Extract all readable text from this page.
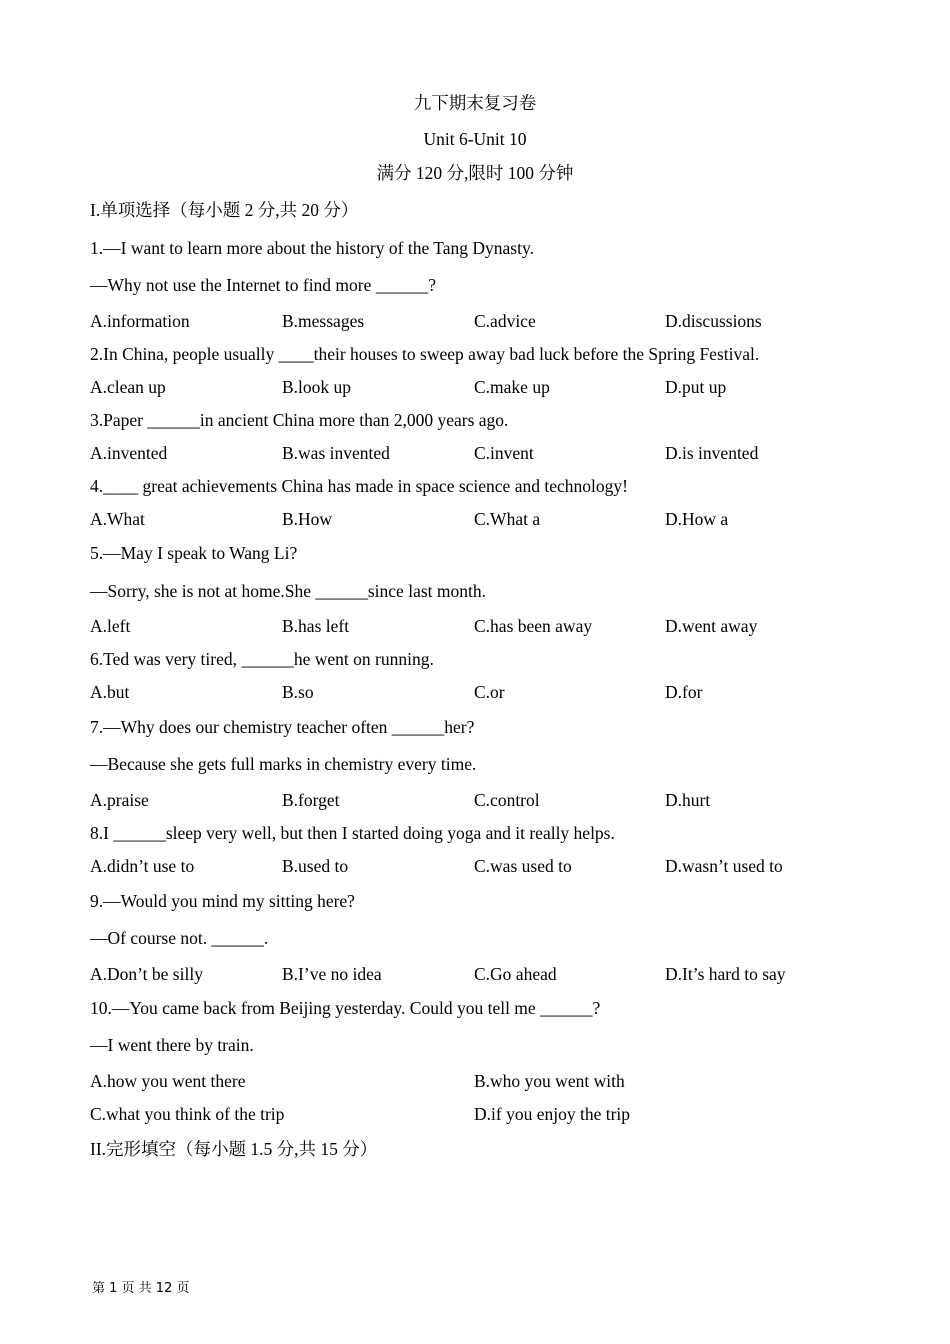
九下期末复习卷
Unit 6-Unit 10
满分 120 分,限时 100 分钟
I.单项选择（每小题 2 分,共 20 分）
1.—I want to learn more about the history of the Tang Dynasty.
—Why not use the Internet to find more ______?
A.information	B.messages	C.advice	D.discussions
2.In China, people usually ____their houses to sweep away bad luck before the Spring Festival.
A.clean up	B.look up	C.make up	D.put up
3.Paper ______in ancient China more than 2,000 years ago.
A.invented	B.was invented	C.invent	D.is invented
4.____ great achievements China has made in space science and technology!
A.What	B.How	C.What a	D.How a
5.—May I speak to Wang Li?
—Sorry, she is not at home.She ______since last month.
A.left	B.has left	C.has been away	D.went away
6.Ted was very tired, ______he went on running.
A.but	B.so	C.or	D.for
7.—Why does our chemistry teacher often ______her?
—Because she gets full marks in chemistry every time.
A.praise	B.forget	C.control	D.hurt
8.I ______sleep very well, but then I started doing yoga and it really helps.
A.didn’t use to	B.used to	C.was used to	D.wasn’t used to
9.—Would you mind my sitting here?
—Of course not. ______.
A.Don’t be silly	B.I’ve no idea	C.Go ahead	D.It’s hard to say
10.—You came back from Beijing yesterday. Could you tell me ______?
—I went there by train.
A.how you went there	B.who you went with
C.what you think of the trip	D.if you enjoy the trip
II.完形填空（每小题 1.5 分,共 15 分）
第 1 页 共 12 页
